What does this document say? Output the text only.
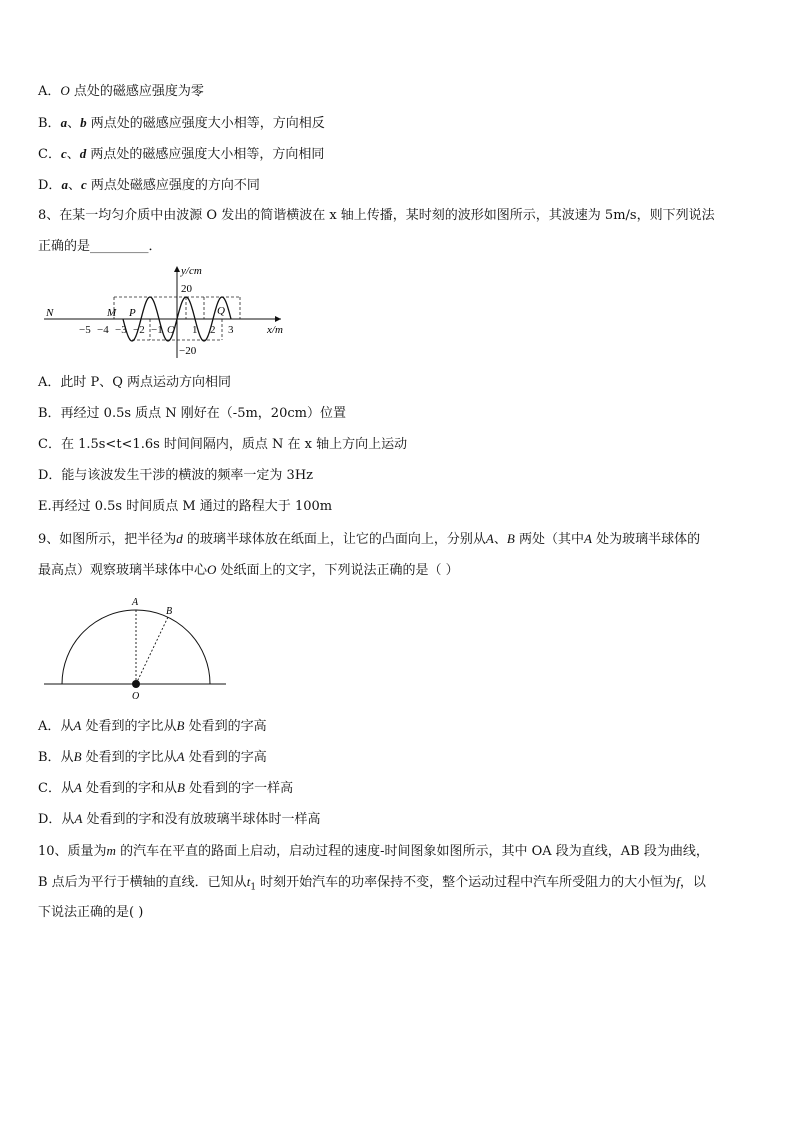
A．O 点处的磁感应强度为零
B．a、b 两点处的磁感应强度大小相等，方向相反
C．c、d 两点处的磁感应强度大小相等，方向相同
D．a、c 两点处磁感应强度的方向不同
8、在某一均匀介质中由波源 O 发出的简谐横波在 x 轴上传播，某时刻的波形如图所示，其波速为 5m/s，则下列说法
正确的是_________．
−5 −4 −3 −2 −1 O 1 2 3
20
−20
y/cm
x/m
N	M P	Q
A．此时 P、Q 两点运动方向相同
B．再经过 0.5s 质点 N 刚好在（-5m，20cm）位置
C．在 1.5s<t<1.6s 时间间隔内，质点 N 在 x 轴上方向上运动
D．能与该波发生干涉的横波的频率一定为 3Hz
E.再经过 0.5s 时间质点 M 通过的路程大于 100m
9、如图所示，把半径为d 的玻璃半球体放在纸面上，让它的凸面向上，分别从A、B 两处（其中A 处为玻璃半球体的
最高点）观察玻璃半球体中心O 处纸面上的文字，下列说法正确的是（ ）
A
B
O
A．从A 处看到的字比从B 处看到的字高
B．从B 处看到的字比从A 处看到的字高
C．从A 处看到的字和从B 处看到的字一样高
D．从A 处看到的字和没有放玻璃半球体时一样高
10、质量为m 的汽车在平直的路面上启动，启动过程的速度-时间图象如图所示，其中 OA 段为直线，AB 段为曲线，
B 点后为平行于横轴的直线．已知从$t_1$ 时刻开始汽车的功率保持不变，整个运动过程中汽车所受阻力的大小恒为f，以
下说法正确的是( )
